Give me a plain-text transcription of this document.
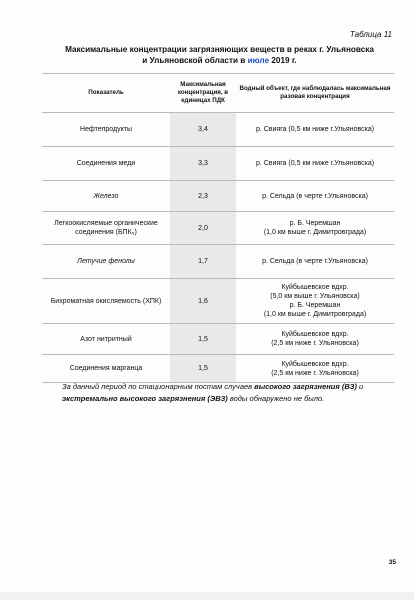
Таблица 11
Максимальные концентрации загрязняющих веществ в реках г. Ульяновска
и Ульяновской области в июле 2019 г.
Показатель	Максимальная концентрация, в единицах ПДК	Водный объект, где наблюдалась максимальная разовая концентрация
Нефтепродукты	3,4	р. Свияга (0,5 км ниже г.Ульяновска)

Соединения меди	3,3	р. Свияга (0,5 км ниже г.Ульяновска)

Железо	2,3	р. Сельда (в черте г.Ульяновска)

Легкоокисляемые органические соединения (БПК₅)	2,0	р. Б. Черемшан
(1,0 км выше г. Димитровграда)

Летучие фенолы	1,7	р. Сельда (в черте г.Ульяновска)

Бихроматная окисляемость (ХПК)	1,6	Куйбышевское вдхр.
(5,0 км выше г. Ульяновска)
р. Б. Черемшан
(1,0 км выше г. Димитровграда)

Азот нитритный	1,5	Куйбышевское вдхр.
(2,5 км ниже г. Ульяновска)

Соединения марганца	1,5	Куйбышевское вдхр.
(2,5 км ниже г. Ульяновска)
За данный период по стационарным постам случаев высокого загрязнения (ВЗ) и экстремально высокого загрязнения (ЭВЗ) воды обнаружено не было.
35
